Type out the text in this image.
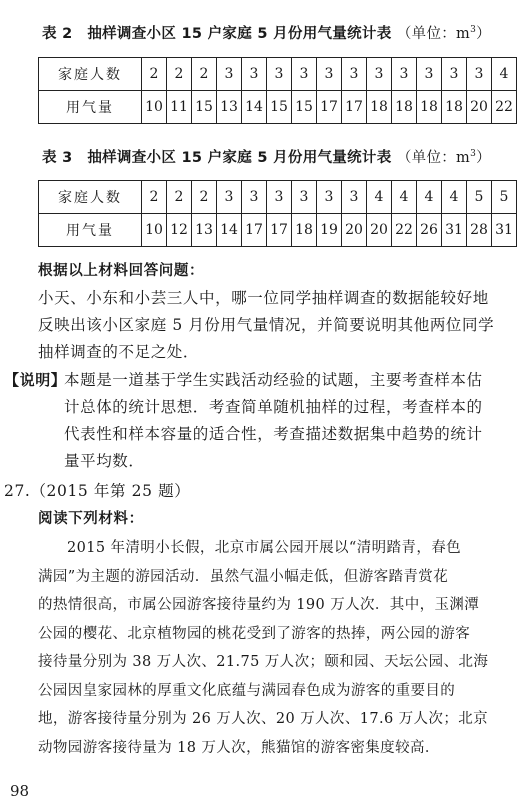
表 2　抽样调查小区 15 户家庭 5 月份用气量统计表 （单位：$m^3$）
家庭人数	2	2	2	3	3	3	3	3	3	3	3	3	3	3	4
用气量	10	11	15	13	14	15	15	17	17	18	18	18	18	20	22
表 3　抽样调查小区 15 户家庭 5 月份用气量统计表 （单位：$m^3$）
家庭人数	2	2	2	3	3	3	3	3	3	4	4	4	4	5	5
用气量	10	12	13	14	17	17	18	19	20	20	22	26	31	28	31
根据以上材料回答问题：
小天、小东和小芸三人中，哪一位同学抽样调查的数据能较好地
反映出该小区家庭 5 月份用气量情况，并简要说明其他两位同学
抽样调查的不足之处．
【说明】
本题是一道基于学生实践活动经验的试题，主要考查样本估
计总体的统计思想．考查简单随机抽样的过程，考查样本的
代表性和样本容量的适合性，考查描述数据集中趋势的统计
量平均数．
27.（2015 年第 25 题）
阅读下列材料：
2015 年清明小长假，北京市属公园开展以“清明踏青，春色
满园”为主题的游园活动．虽然气温小幅走低，但游客踏青赏花
的热情很高，市属公园游客接待量约为 190 万人次．其中，玉渊潭
公园的樱花、北京植物园的桃花受到了游客的热捧，两公园的游客
接待量分别为 38 万人次、21.75 万人次；颐和园、天坛公园、北海
公园因皇家园林的厚重文化底蕴与满园春色成为游客的重要目的
地，游客接待量分别为 26 万人次、20 万人次、17.6 万人次；北京
动物园游客接待量为 18 万人次，熊猫馆的游客密集度较高．
98
